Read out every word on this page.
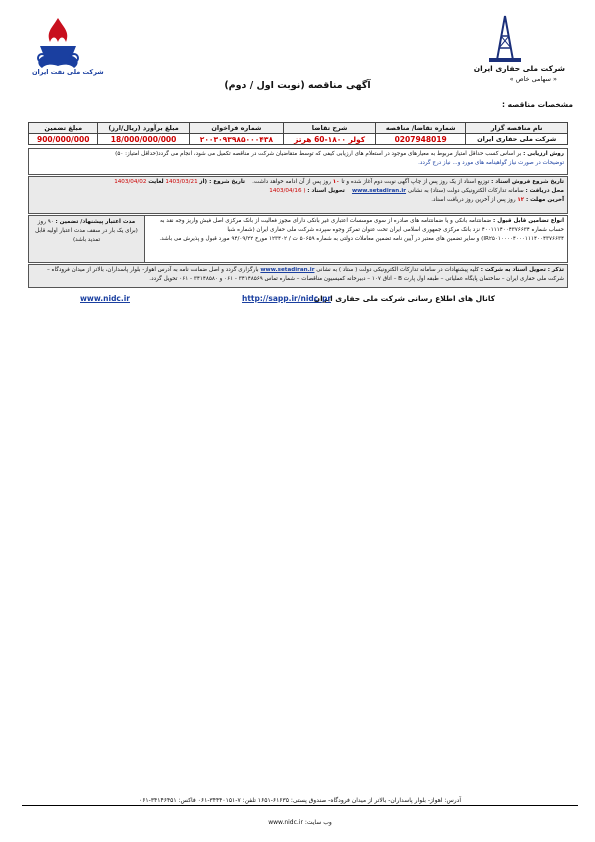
شرکت ملی حفاری ایران
« سهامی خاص »
شرکت ملی نفت ایران
آگهی مناقصه (نوبت اول / دوم)
مشخصات مناقصه :
نام مناقصه گزار	شماره تقاضا/ مناقصه	شرح تقاضا	شماره فراخوان	مبلغ برآورد (ریال/ارز)	مبلغ تضمین
شرکت ملی حفاری ایران	0207948019	کولر ۱۸۰۰-60 هرتز	۲۰۰۳۰۹۳۹۸۵۰۰۰۴۳۸	18/000/000/000	900/000/000
روش ارزیابی : بر اساس کسب حداقل امتیاز مربوط به معیارهای موجود در استعلام های ارزیابی کیفی که توسط متقاضیان شرکت در مناقصه تکمیل می شود، انجام می گردد(حداقل امتیاز: ۵۰)
توضیحات در صورت نیاز گواهینامه های مورد و... نیاز درج گردد.
تاریخ شروع فروش اسناد : توزیع اسناد از یک روز پس از چاپ آگهی نوبت دوم آغاز شده و تا ۱۰ روز پس از آن ادامه خواهد داشت.    تاریخ شروع : (از 1403/03/21 لغایت 1403/04/02
محل دریافت : سامانه تدارکات الکترونیکی دولت (ستاد) به نشانی www.setadiran.ir    تحویل اسناد : ( 1403/04/16
آخرین مهلت : ۱۲ روز پس از آخرین روز دریافت اسناد.
انواع تضامین قابل قبول : ضمانتنامه بانکی و یا ضمانتنامه های صادره از سوی موسسات اعتباری غیر بانکی دارای مجوز فعالیت از بانک مرکزی اصل فیش واریز وجه نقد به حساب شماره ۴۰۰۱۱۱۴۰۰۴۳۷۶۶۳۴ نزد بانک مرکزی جمهوری اسلامی ایران تحت عنوان تمرکز وجوه سپرده شرکت ملی حفاری ایران (شماره شبا IR۲۵۰۱۰۰۰۰۴۰۰۰۱۱۱۴۰۰۴۳۷۶۶۳۴) و سایر تضمین های معتبر در آیین نامه تضمین معاملات دولتی به شماره ۵۰۶۵۹ ت / ۱۲۳۴۰۲ مورخ ۹۴/۰۹/۲۲ مورد قبول و پذیرش می باشد.
مدت اعتبار پیشنهاد/ تضمین : ۹۰ روز (برای یک بار در سقف مدت اعتبار اولیه قابل تمدید باشد)
تذکر : تحویل اسناد به شرکت : کلیه پیشنهادات در سامانه تدارکات الکترونیکی دولت ( ستاد ) به نشانی www.setadiran.ir بارگزاری گردد و اصل ضمانت نامه به آدرس اهواز- بلوار پاسداران، بالاتر از میدان فرودگاه – شرکت ملی حفاری ایران – ساختمان پایگاه عملیاتی – طبقه اول پارت B – اتاق ۱۰۷ – دبیرخانه کمیسیون مناقصات – شماره تماس ۳۴۱۴۸۵۶۹ - ۰۶۱ و ۳۴۱۴۸۵۸۰ - ۰۶۱ تحویل گردد.
کانال های اطلاع رسانی شرکت ملی حفاری ایران
http://sapp.ir/nidc_pr
www.nidc.ir
آدرس: اهواز- بلوار پاسداران- بالاتر از میدان فرودگاه- صندوق پستی: ۶۱۶۳۵-۱۶۵۱ تلفن: ۷-۳۴۴۴۰۱۵۱-۰۶۱ فاکس: ۳۴۱۴۶۴۵۱-۰۶۱
وب سایت: www.nidc.ir
